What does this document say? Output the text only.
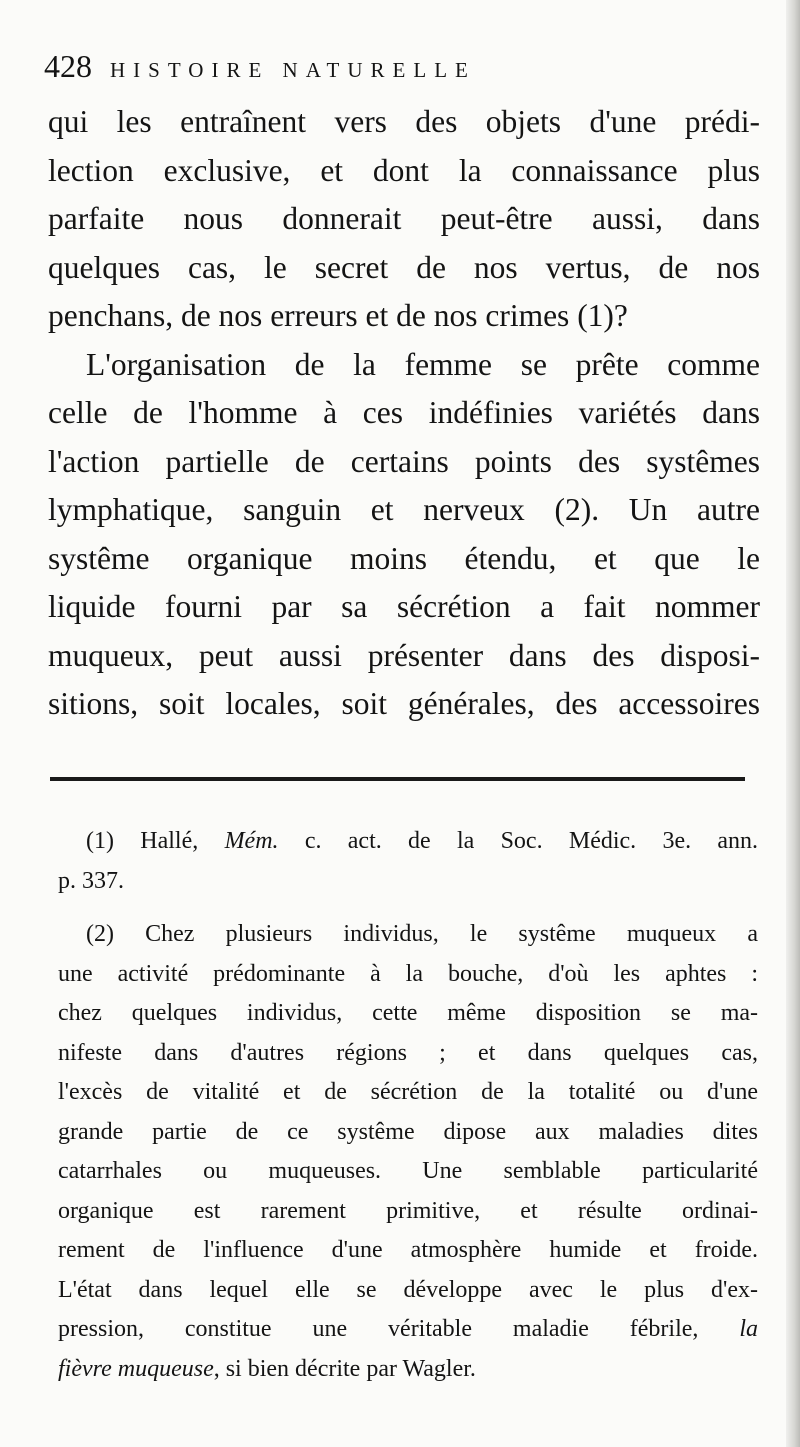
428 HISTOIRE NATURELLE
qui les entraînent vers des objets d'une prédi-
lection exclusive, et dont la connaissance plus
parfaite nous donnerait peut-être aussi, dans
quelques cas, le secret de nos vertus, de nos
penchans, de nos erreurs et de nos crimes (1)?
L'organisation de la femme se prête comme
celle de l'homme à ces indéfinies variétés dans
l'action partielle de certains points des systêmes
lymphatique, sanguin et nerveux (2). Un autre
systême organique moins étendu, et que le
liquide fourni par sa sécrétion a fait nommer
muqueux, peut aussi présenter dans des disposi-
sitions, soit locales, soit générales, des accessoires
(1) Hallé, Mém. c. act. de la Soc. Médic. 3e. ann.
p. 337.
(2) Chez plusieurs individus, le systême muqueux a
une activité prédominante à la bouche, d'où les aphtes :
chez quelques individus, cette même disposition se ma-
nifeste dans d'autres régions ; et dans quelques cas,
l'excès de vitalité et de sécrétion de la totalité ou d'une
grande partie de ce systême dipose aux maladies dites
catarrhales ou muqueuses. Une semblable particularité
organique est rarement primitive, et résulte ordinai-
rement de l'influence d'une atmosphère humide et froide.
L'état dans lequel elle se développe avec le plus d'ex-
pression, constitue une véritable maladie fébrile, la
fièvre muqueuse, si bien décrite par Wagler.
